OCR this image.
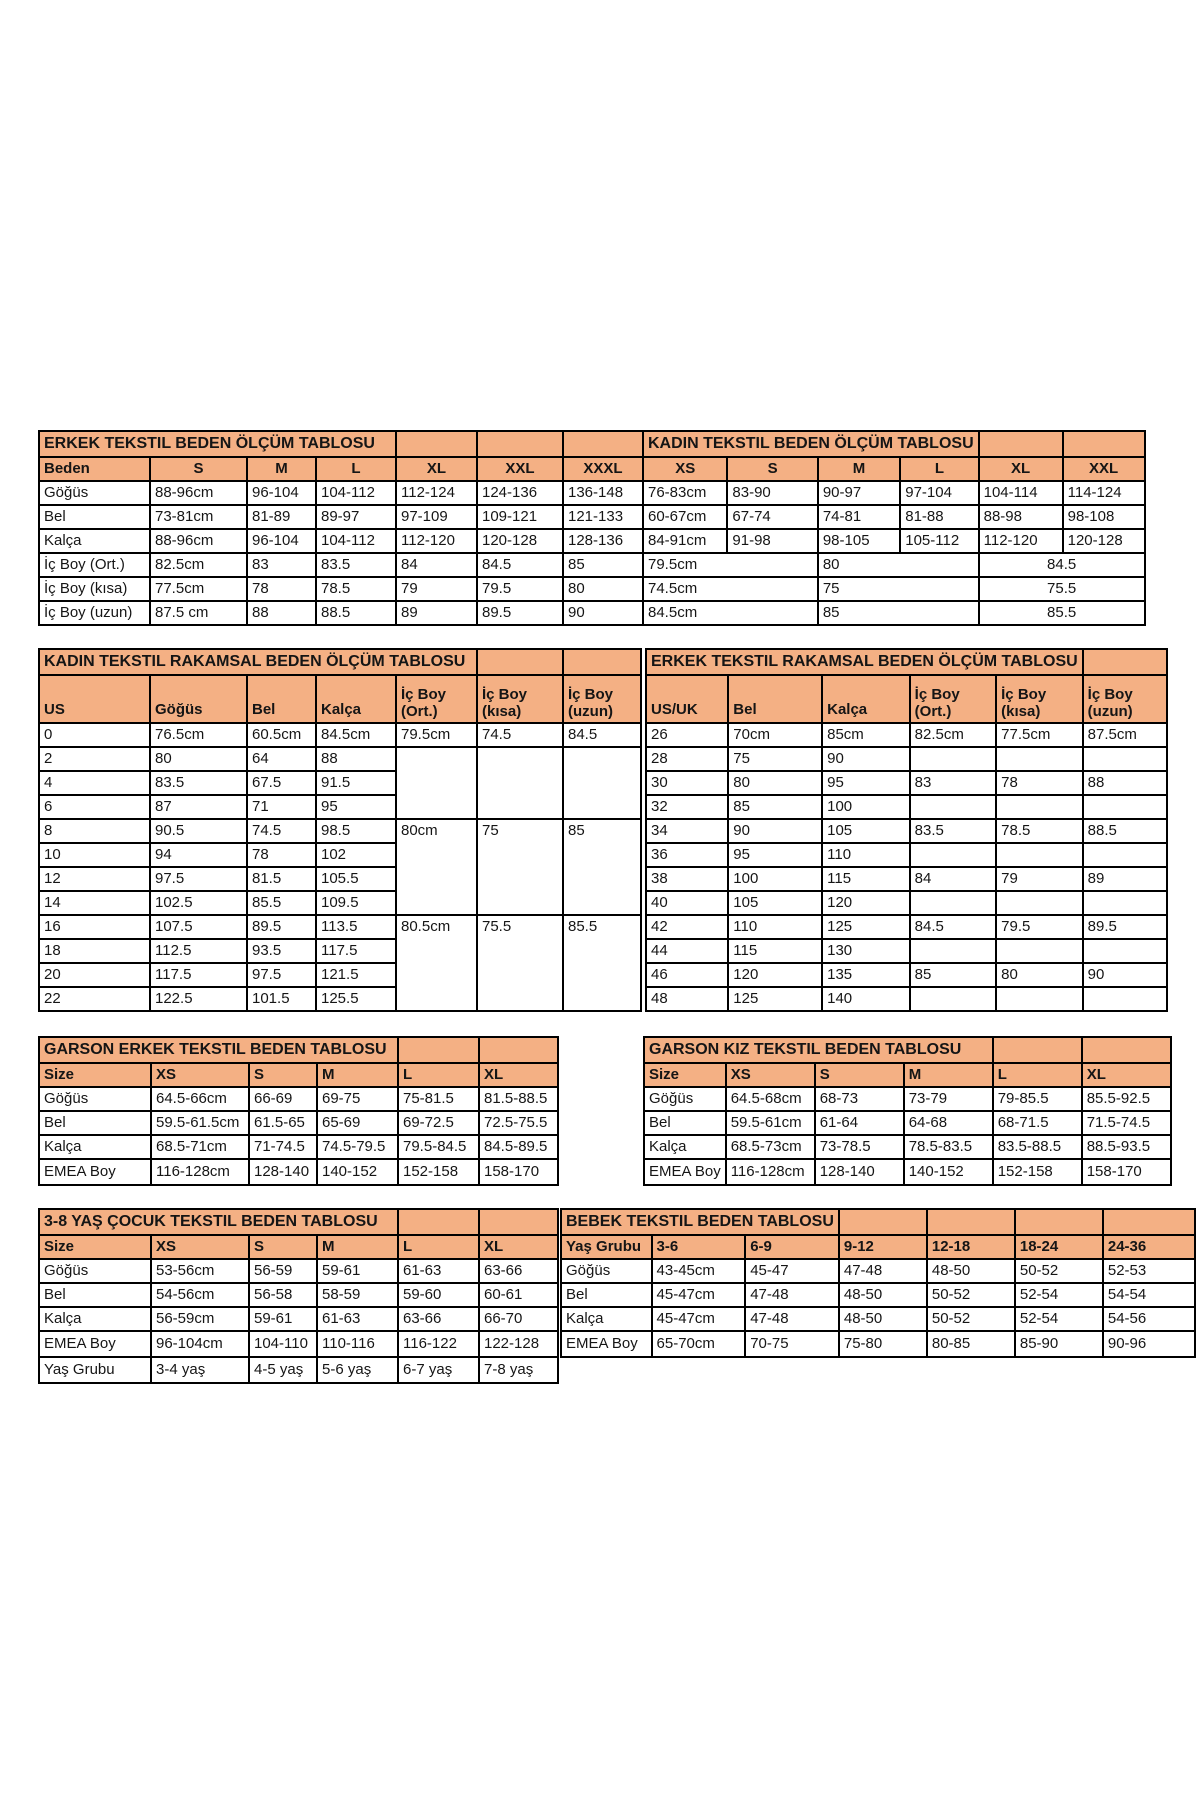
ERKEK TEKSTIL BEDEN ÖLÇÜM TABLOSU							KADIN TEKSTIL BEDEN ÖLÇÜM TABLOSU					
Beden	S	M	L	XL	XXL	XXXL	XS	S	M	L	XL	XXL
Göğüs	88-96cm	96-104	104-112	112-124	124-136	136-148	76-83cm	83-90	90-97	97-104	104-114	114-124
Bel	73-81cm	81-89	89-97	97-109	109-121	121-133	60-67cm	67-74	74-81	81-88	88-98	98-108
Kalça	88-96cm	96-104	104-112	112-120	120-128	128-136	84-91cm	91-98	98-105	105-112	112-120	120-128
İç Boy (Ort.)	82.5cm	83	83.5	84	84.5	85	79.5cm		80		84.5	
İç Boy (kısa)	77.5cm	78	78.5	79	79.5	80	74.5cm		75		75.5	
İç Boy (uzun)	87.5 cm	88	88.5	89	89.5	90	84.5cm		85		85.5	
KADIN TEKSTIL RAKAMSAL BEDEN ÖLÇÜM TABLOSU						
US	Göğüs	Bel	Kalça	İç Boy (Ort.)	İç Boy (kısa)	İç Boy (uzun)
0	76.5cm	60.5cm	84.5cm	79.5cm	74.5	84.5
2	80	64	88			
4	83.5	67.5	91.5			
6	87	71	95			
8	90.5	74.5	98.5	80cm	75	85
10	94	78	102			
12	97.5	81.5	105.5			
14	102.5	85.5	109.5			
16	107.5	89.5	113.5	80.5cm	75.5	85.5
18	112.5	93.5	117.5			
20	117.5	97.5	121.5			
22	122.5	101.5	125.5			
ERKEK TEKSTIL RAKAMSAL BEDEN ÖLÇÜM TABLOSU					
US/UK	Bel	Kalça	İç Boy (Ort.)	İç Boy (kısa)	İç Boy (uzun)
26	70cm	85cm	82.5cm	77.5cm	87.5cm
28	75	90			
30	80	95	83	78	88
32	85	100			
34	90	105	83.5	78.5	88.5
36	95	110			
38	100	115	84	79	89
40	105	120			
42	110	125	84.5	79.5	89.5
44	115	130			
46	120	135	85	80	90
48	125	140			
GARSON ERKEK TEKSTIL BEDEN TABLOSU					
Size	XS	S	M	L	XL
Göğüs	64.5-66cm	66-69	69-75	75-81.5	81.5-88.5
Bel	59.5-61.5cm	61.5-65	65-69	69-72.5	72.5-75.5
Kalça	68.5-71cm	71-74.5	74.5-79.5	79.5-84.5	84.5-89.5
EMEA Boy	116-128cm	128-140	140-152	152-158	158-170
GARSON KIZ TEKSTIL BEDEN TABLOSU					
Size	XS	S	M	L	XL
Göğüs	64.5-68cm	68-73	73-79	79-85.5	85.5-92.5
Bel	59.5-61cm	61-64	64-68	68-71.5	71.5-74.5
Kalça	68.5-73cm	73-78.5	78.5-83.5	83.5-88.5	88.5-93.5
EMEA Boy	116-128cm	128-140	140-152	152-158	158-170
3-8 YAŞ ÇOCUK TEKSTIL BEDEN TABLOSU					
Size	XS	S	M	L	XL
Göğüs	53-56cm	56-59	59-61	61-63	63-66
Bel	54-56cm	56-58	58-59	59-60	60-61
Kalça	56-59cm	59-61	61-63	63-66	66-70
EMEA Boy	96-104cm	104-110	110-116	116-122	122-128
Yaş Grubu	3-4 yaş	4-5 yaş	5-6 yaş	6-7 yaş	7-8 yaş
BEBEK TEKSTIL BEDEN TABLOSU						
Yaş Grubu	3-6	6-9	9-12	12-18	18-24	24-36
Göğüs	43-45cm	45-47	47-48	48-50	50-52	52-53
Bel	45-47cm	47-48	48-50	50-52	52-54	54-54
Kalça	45-47cm	47-48	48-50	50-52	52-54	54-56
EMEA Boy	65-70cm	70-75	75-80	80-85	85-90	90-96
